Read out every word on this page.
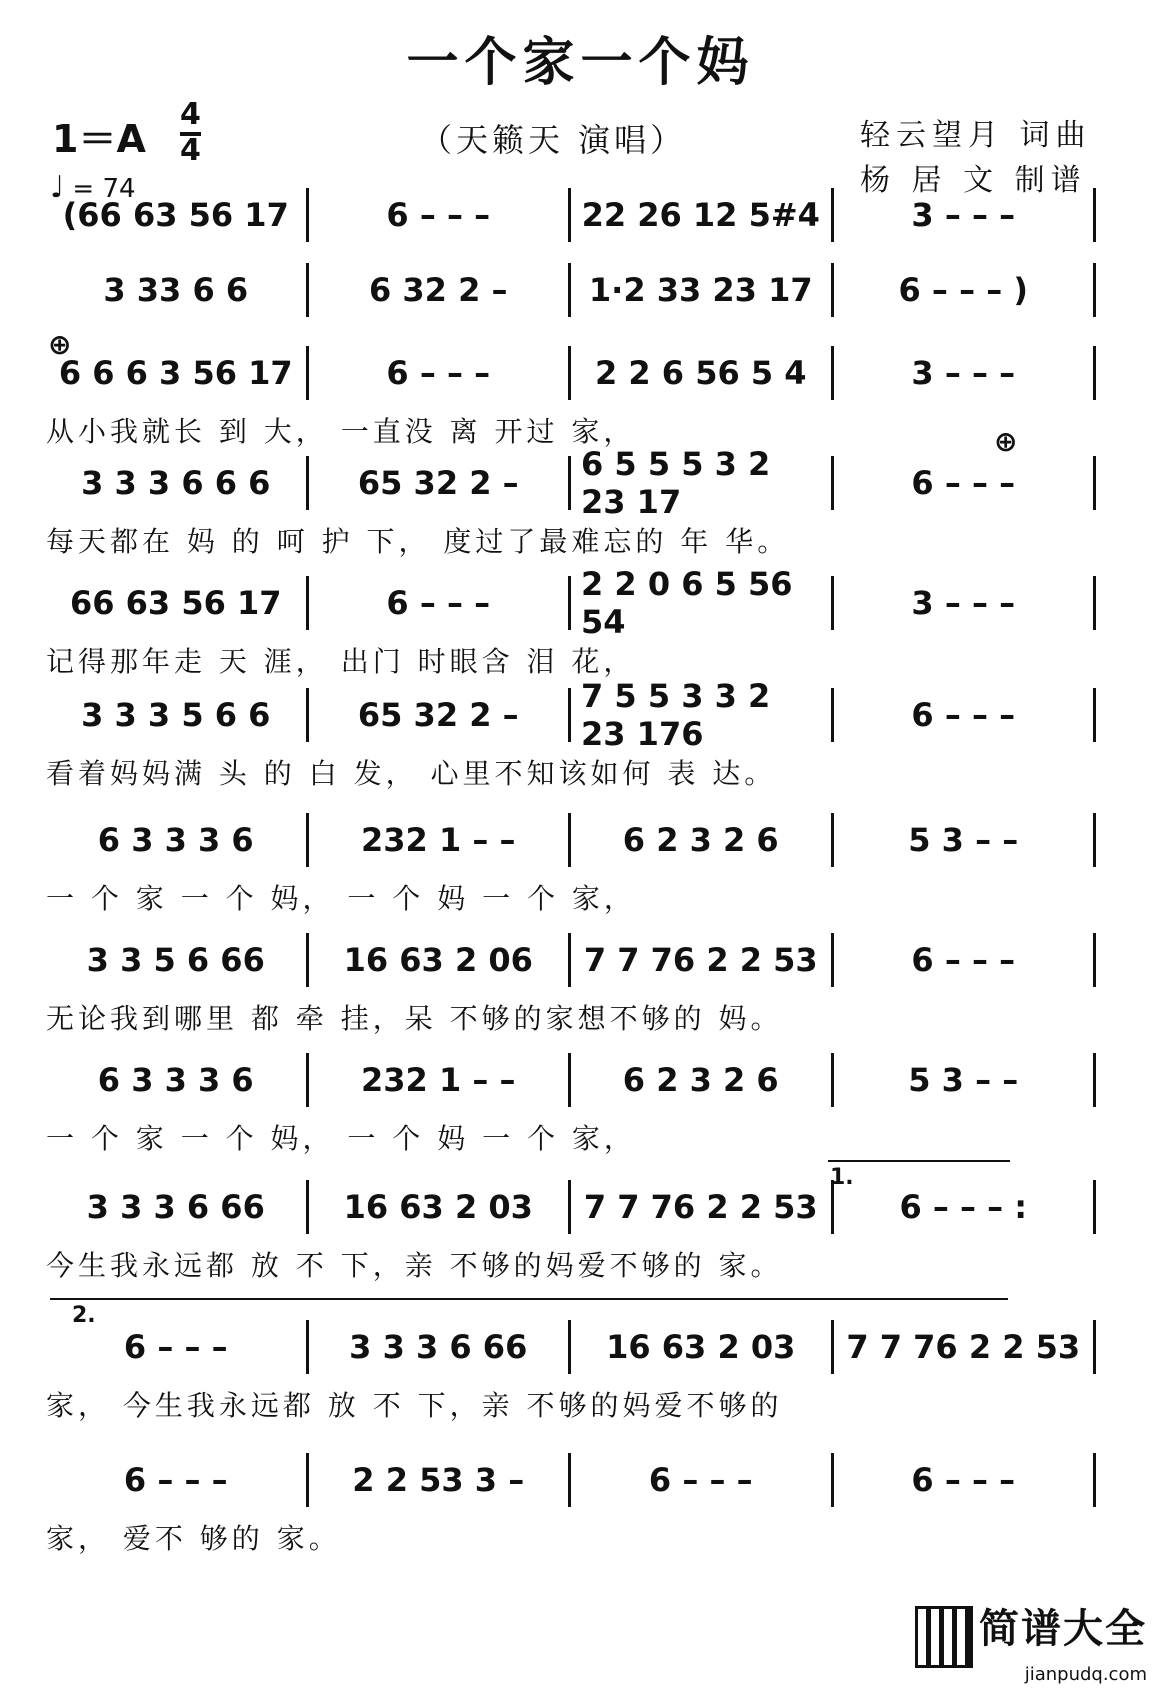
一个家一个妈
1＝A
4
4
♩ = 74
（天籁天 演唱）	轻云望月 词曲
杨 居 文 制谱
(66 63 56 17	6 – – –	22 26 12 5#4	3 – – –
3 33 6 6	6 32 2 –	1·2 33 23 17	6 – – – )
6 6 6 3 56 17	6 – – –	2 2 6 56 5 4	3 – – –
从小我就长 到 大， 一直没 离 开过 家，
3 3 3 6 6 6	65 32 2 –	6 5 5 5 3 2 23 17	6 – – –
每天都在 妈 的 呵 护 下， 度过了最难忘的 年 华。
66 63 56 17	6 – – –	2 2 0 6 5 56 54	3 – – –
记得那年走 天 涯， 出门 时眼含 泪 花，
3 3 3 5 6 6	65 32 2 –	7 5 5 3 3 2 23 176	6 – – –
看着妈妈满 头 的 白 发， 心里不知该如何 表 达。
6 3 3 3 6	232 1 – –	6 2 3 2 6	5 3 – –
一 个 家 一 个 妈， 一 个 妈 一 个 家，
3 3 5 6 66	16 63 2 06	7 7 76 2 2 53	6 – – –
无论我到哪里 都 牵 挂，呆 不够的家想不够的 妈。
6 3 3 3 6	232 1 – –	6 2 3 2 6	5 3 – –
一 个 家 一 个 妈， 一 个 妈 一 个 家，
3 3 3 6 66	16 63 2 03	7 7 76 2 2 53	6 – – – :
今生我永远都 放 不 下，亲 不够的妈爱不够的 家。
6 – – –	3 3 3 6 66	16 63 2 03	7 7 76 2 2 53
家， 今生我永远都 放 不 下，亲 不够的妈爱不够的
6 – – –	2 2 53 3 –	6 – – –	6 – – –
家， 爱不 够的 家。
1.
2.
⊕
⊕
简谱大全
jianpudq.com
